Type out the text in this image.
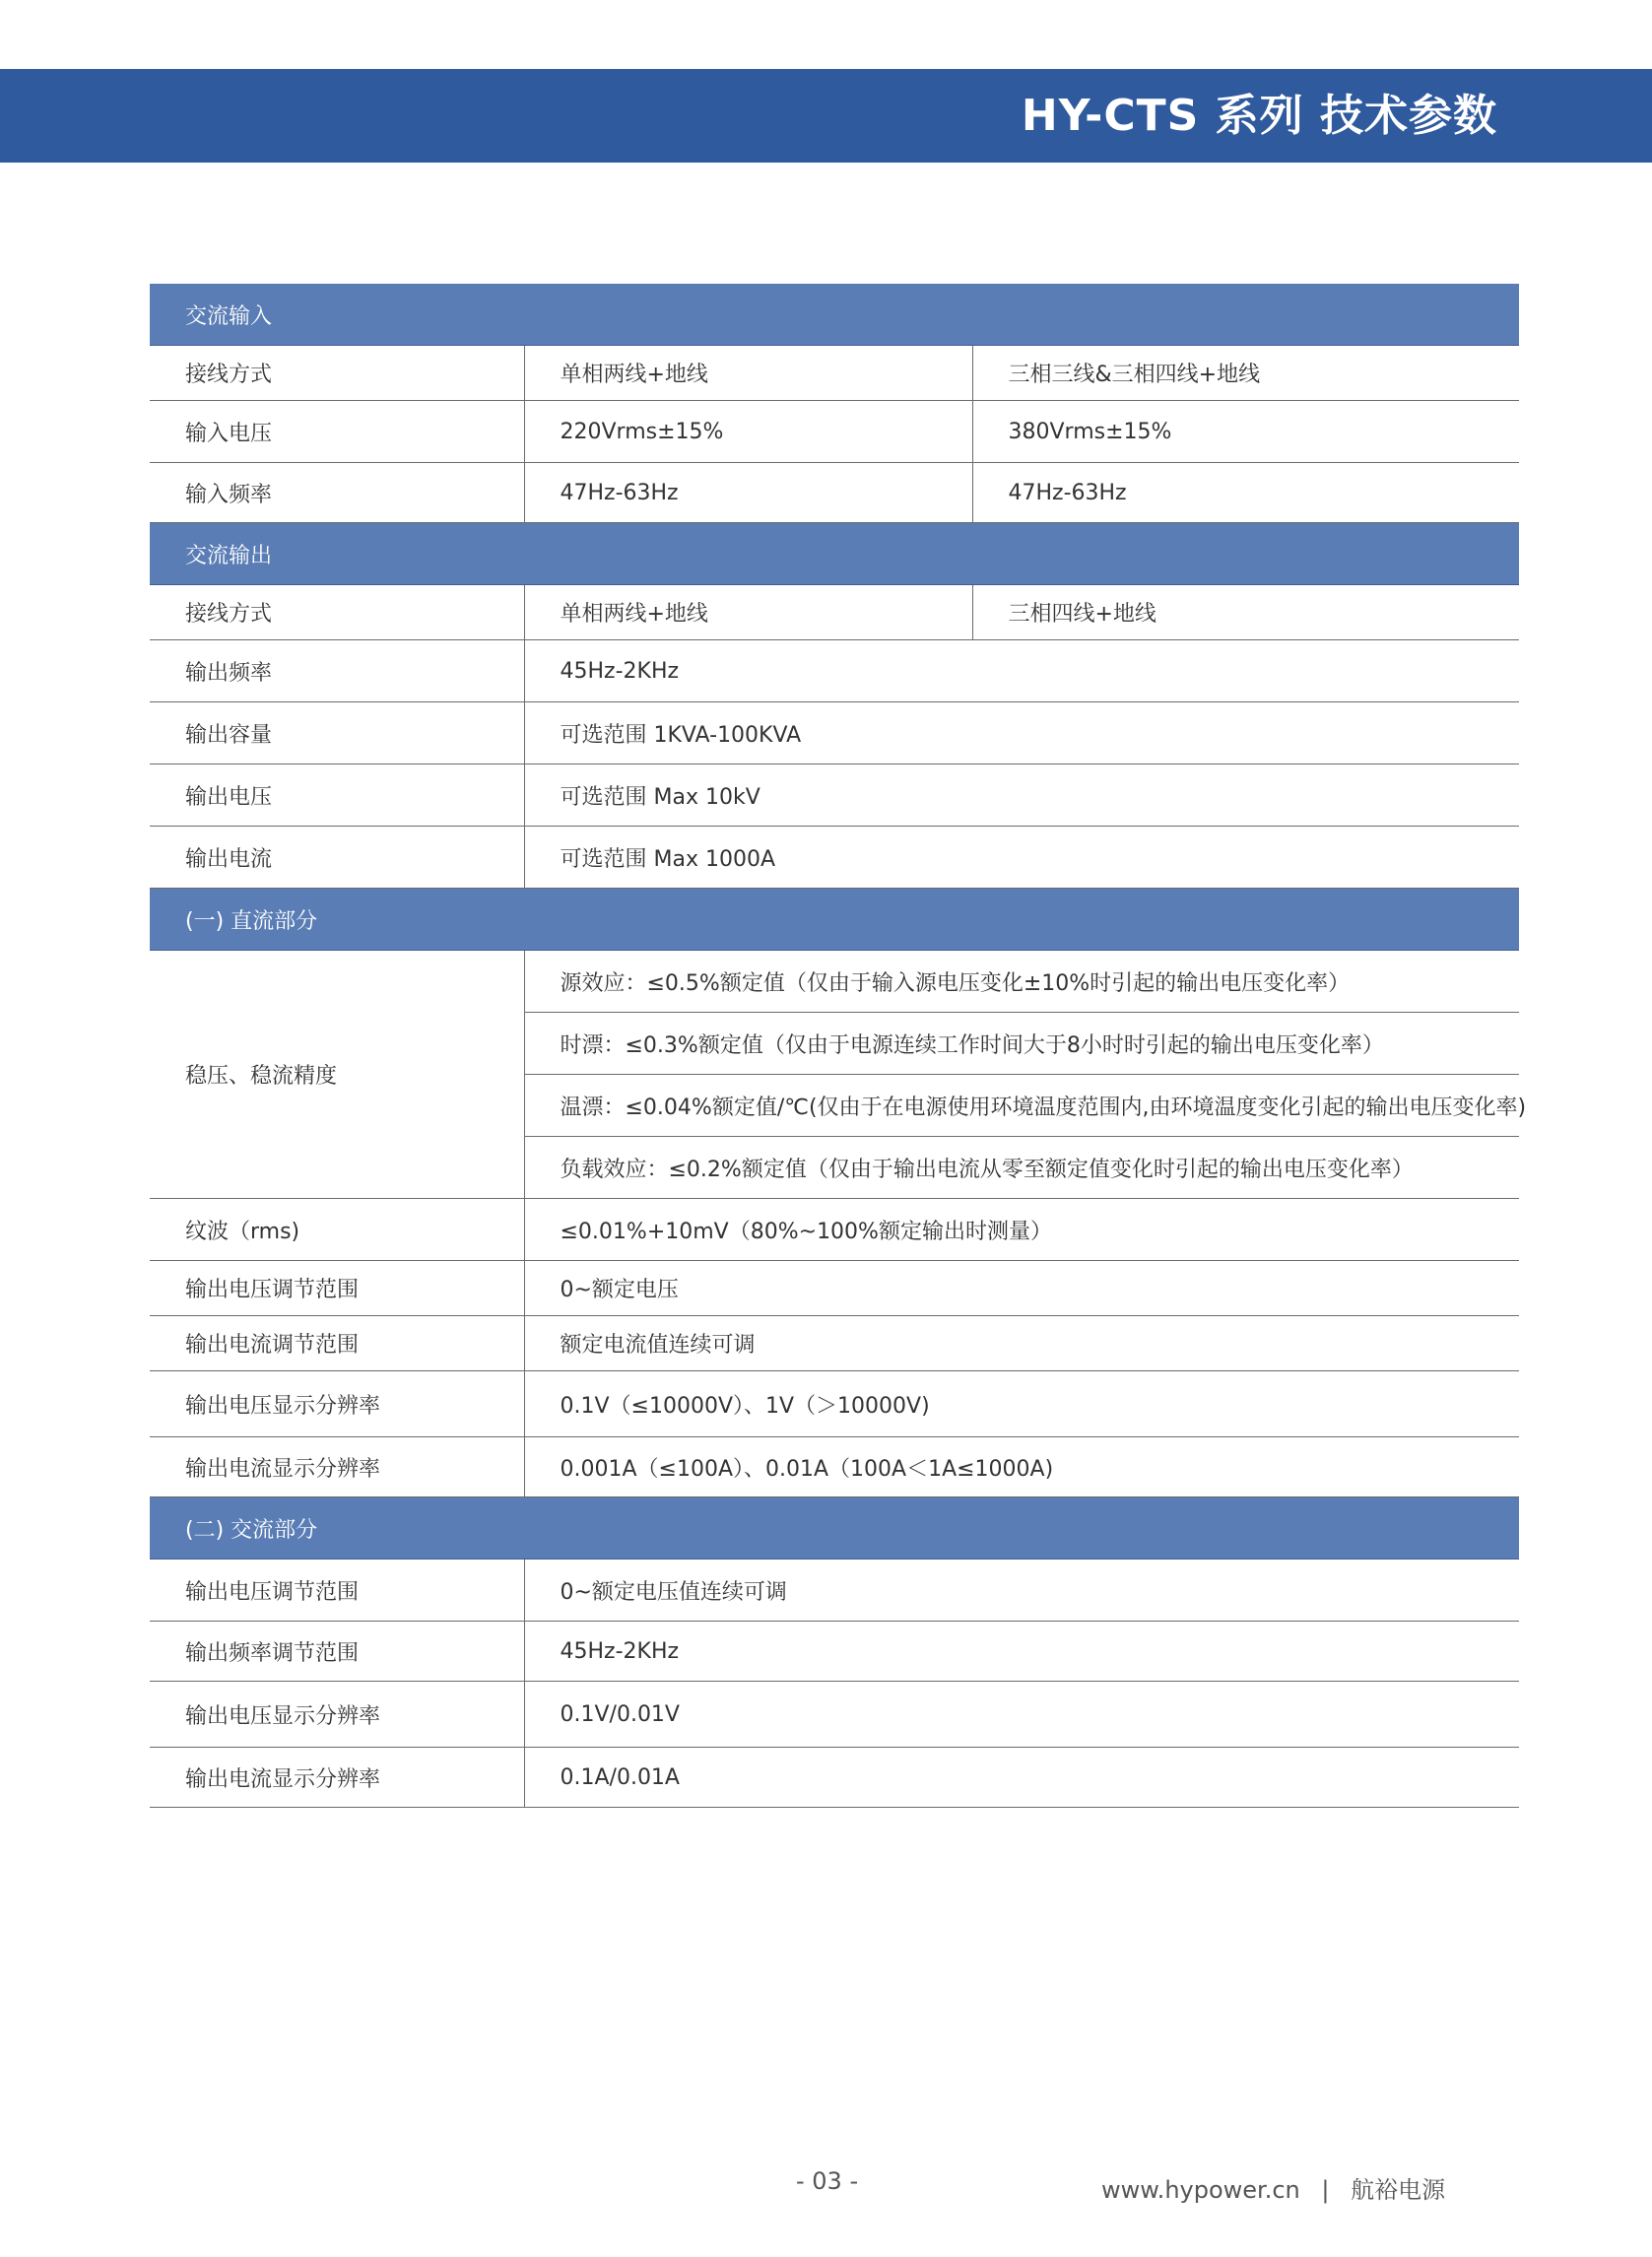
HY-CTS 系列 技术参数
交流输入		
接线方式	单相两线+地线	三相三线&三相四线+地线
输入电压	220Vrms±15%	380Vrms±15%
输入频率	47Hz-63Hz	47Hz-63Hz
交流输出		
接线方式	单相两线+地线	三相四线+地线
输出频率	45Hz-2KHz	
输出容量	可选范围 1KVA-100KVA	
输出电压	可选范围 Max 10kV	
输出电流	可选范围 Max 1000A	
(一) 直流部分		
稳压、稳流精度	源效应：≤0.5%额定值（仅由于输入源电压变化±10%时引起的输出电压变化率）	
	时漂：≤0.3%额定值（仅由于电源连续工作时间大于8小时时引起的输出电压变化率）	
	温漂：≤0.04%额定值/℃(仅由于在电源使用环境温度范围内,由环境温度变化引起的输出电压变化率)	
	负载效应：≤0.2%额定值（仅由于输出电流从零至额定值变化时引起的输出电压变化率）	
纹波（rms)	≤0.01%+10mV（80%~100%额定输出时测量）	
输出电压调节范围	0~额定电压	
输出电流调节范围	额定电流值连续可调	
输出电压显示分辨率	0.1V（≤10000V）、1V（＞10000V)	
输出电流显示分辨率	0.001A（≤100A）、0.01A（100A＜1A≤1000A)	
(二) 交流部分		
输出电压调节范围	0~额定电压值连续可调	
输出频率调节范围	45Hz-2KHz	
输出电压显示分辨率	0.1V/0.01V	
输出电流显示分辨率	0.1A/0.01A	
- 03 -	www.hypower.cn | 航裕电源
